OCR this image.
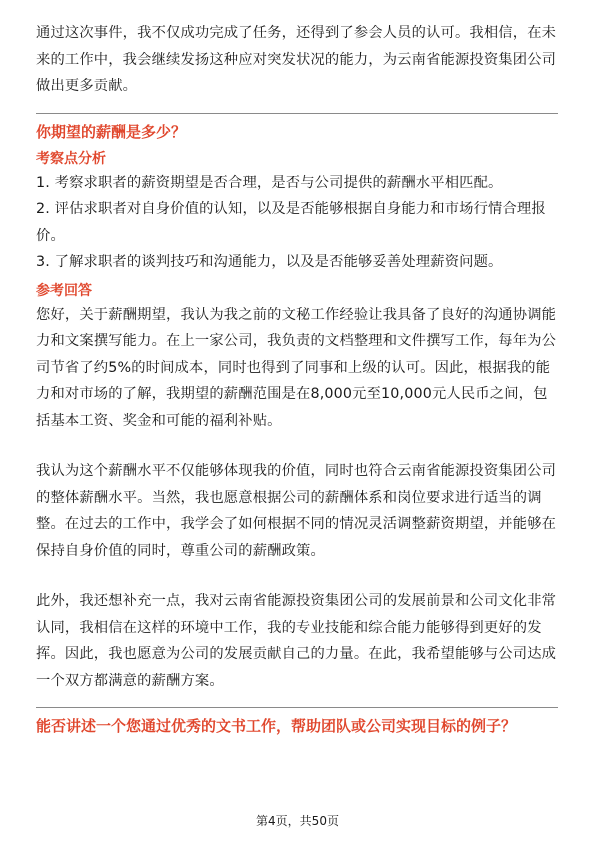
通过这次事件，我不仅成功完成了任务，还得到了参会人员的认可。我相信，在未来的工作中，我会继续发扬这种应对突发状况的能力，为云南省能源投资集团公司做出更多贡献。

你期望的薪酬是多少？
考察点分析

1. 考察求职者的薪资期望是否合理，是否与公司提供的薪酬水平相匹配。

2. 评估求职者对自身价值的认知，以及是否能够根据自身能力和市场行情合理报价。

3. 了解求职者的谈判技巧和沟通能力，以及是否能够妥善处理薪资问题。

参考回答

您好，关于薪酬期望，我认为我之前的文秘工作经验让我具备了良好的沟通协调能力和文案撰写能力。在上一家公司，我负责的文档整理和文件撰写工作，每年为公司节省了约5%的时间成本，同时也得到了同事和上级的认可。因此，根据我的能力和对市场的了解，我期望的薪酬范围是在8,000元至10,000元人民币之间，包括基本工资、奖金和可能的福利补贴。

我认为这个薪酬水平不仅能够体现我的价值，同时也符合云南省能源投资集团公司的整体薪酬水平。当然，我也愿意根据公司的薪酬体系和岗位要求进行适当的调整。在过去的工作中，我学会了如何根据不同的情况灵活调整薪资期望，并能够在保持自身价值的同时，尊重公司的薪酬政策。

此外，我还想补充一点，我对云南省能源投资集团公司的发展前景和公司文化非常认同，我相信在这样的环境中工作，我的专业技能和综合能力能够得到更好的发挥。因此，我也愿意为公司的发展贡献自己的力量。在此，我希望能够与公司达成一个双方都满意的薪酬方案。

能否讲述一个您通过优秀的文书工作，帮助团队或公司实现目标的例子？
第4页，共50页
